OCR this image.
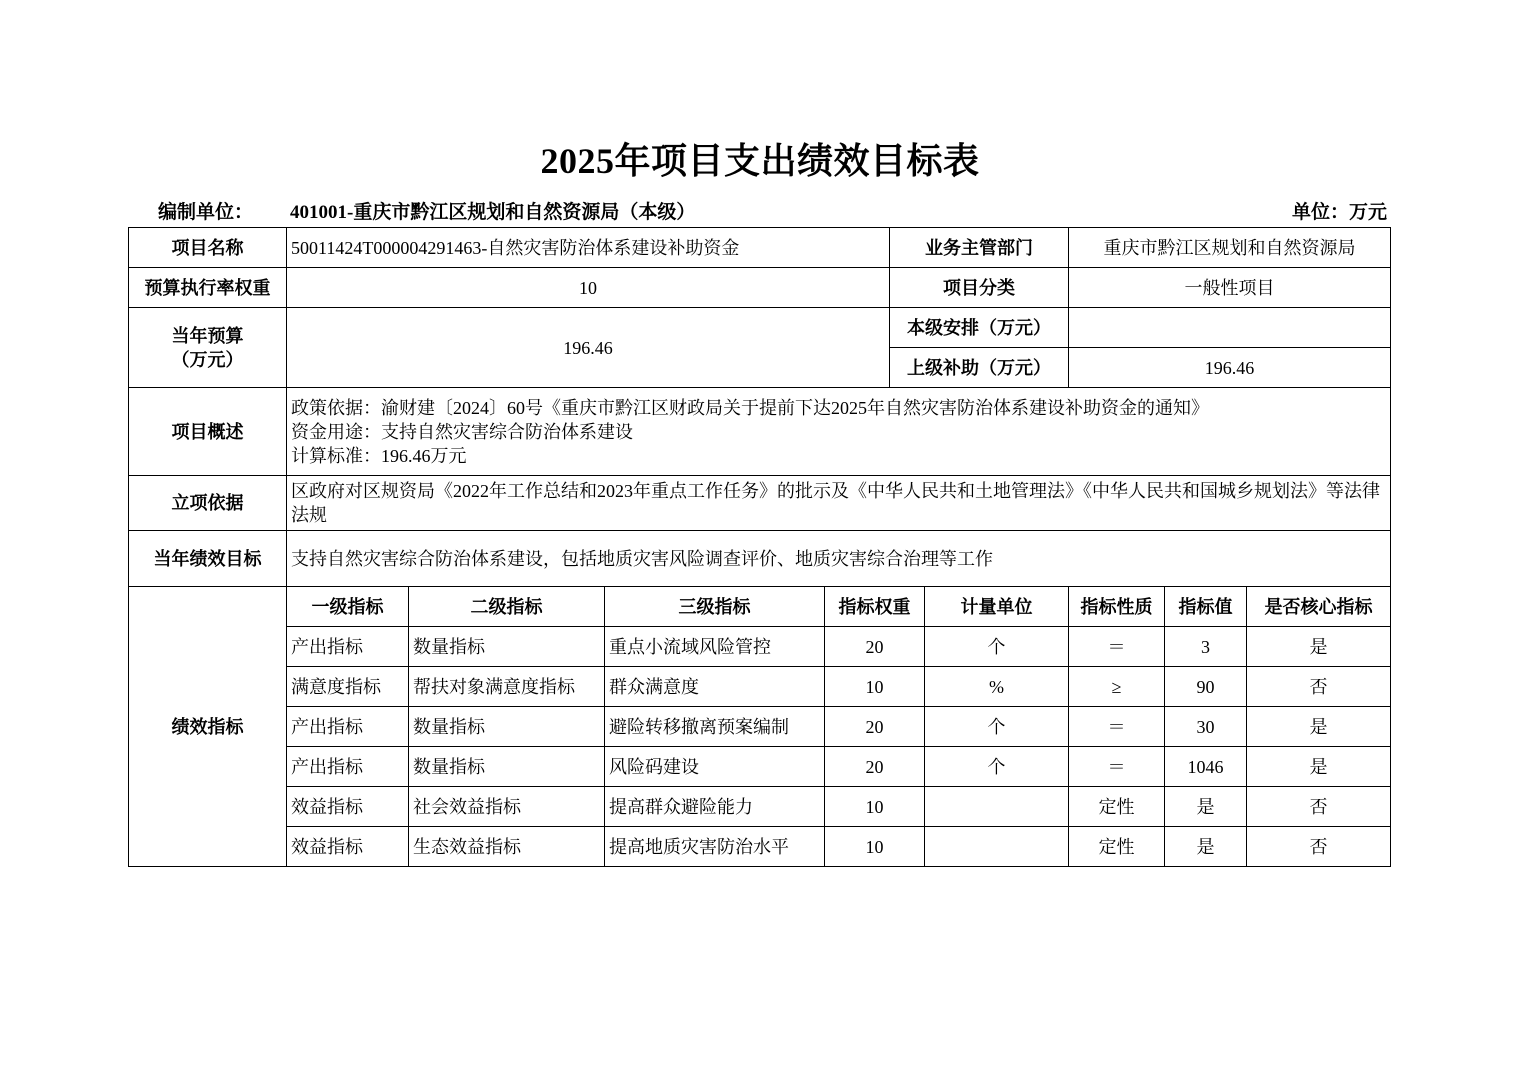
2025年项目支出绩效目标表
编制单位： 401001-重庆市黔江区规划和自然资源局（本级）	单位：万元
项目名称	50011424T000004291463-自然灾害防治体系建设补助资金				业务主管部门		重庆市黔江区规划和自然资源局		
预算执行率权重	10				项目分类		一般性项目		

当年预算
（万元）	196.46				本级安排（万元）				
					上级补助（万元）		196.46		
项目概述	政策依据：渝财建〔2024〕60号《重庆市黔江区财政局关于提前下达2025年自然灾害防治体系建设补助资金的通知》
资金用途：支持自然灾害综合防治体系建设
计算标准：196.46万元								

立项依据	区政府对区规资局《2022年工作总结和2023年重点工作任务》的批示及《中华人民共和土地管理法》《中华人民共和国城乡规划法》等法律法规								
当年绩效目标	支持自然灾害综合防治体系建设，包括地质灾害风险调查评价、地质灾害综合治理等工作								
绩效指标	一级指标	二级指标	三级指标	指标权重		计量单位	指标性质	指标值	是否核心指标
	产出指标	数量指标	重点小流域风险管控	20		个	＝	3	是
	满意度指标	帮扶对象满意度指标	群众满意度	10		%	≥	90	否
	产出指标	数量指标	避险转移撤离预案编制	20		个	＝	30	是
	产出指标	数量指标	风险码建设	20		个	＝	1046	是
	效益指标	社会效益指标	提高群众避险能力	10			定性	是	否
	效益指标	生态效益指标	提高地质灾害防治水平	10			定性	是	否
